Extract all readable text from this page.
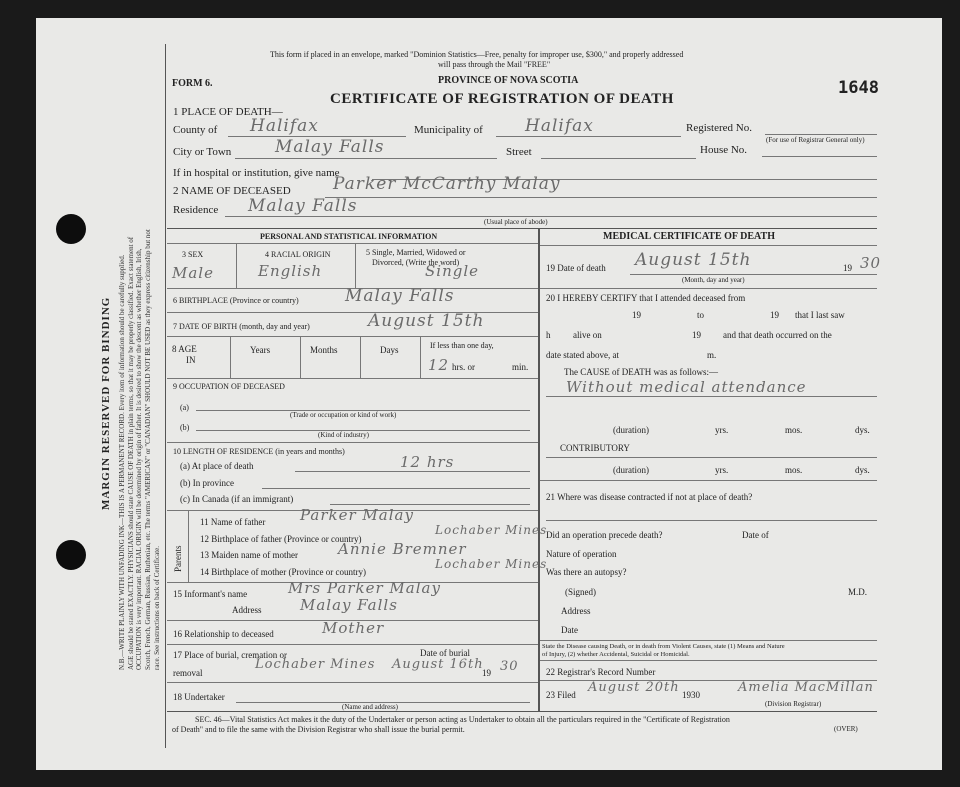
MARGIN RESERVED FOR BINDING N.B.—WRITE PLAINLY WITH UNFADING INK—THIS IS A PERMANENT RECORD. Every item of information should be carefully supplied. AGE should be stated EXACTLY. PHYSICIANS should state CAUSE OF DEATH in plain terms, so that it may be properly classified. Exact statement of OCCUPATION is very important. RACIAL ORIGIN will be determined by origin of father. It is desired to show the descent as whether English, Irish, Scotch, French, German, Russian, Ruthenian, etc. The terms "AMERICAN" or "CANADIAN" SHOULD NOT BE USED as they express citizenship but not race. See instructions on back of Certificate.
This form if placed in an envelope, marked "Dominion Statistics—Free, penalty for improper use, $300," and properly addressed
will pass through the Mail "FREE"
FORM 6.	PROVINCE OF NOVA SCOTIA
CERTIFICATE OF REGISTRATION OF DEATH
1648
1 PLACE OF DEATH—
County of Halifax	Municipality of Halifax	Registered No.
(For use of Registrar General only)
City or Town	Malay Falls	Street	House No.
If in hospital or institution, give name
2 NAME OF DECEASED Parker McCarthy Malay
Residence Malay Falls
(Usual place of abode)
PERSONAL AND STATISTICAL INFORMATION
3 SEX	4 RACIAL ORIGIN	5 Single, Married, Widowed or
Divorced, (Write the word)
Male	English	Single
6 BIRTHPLACE (Province or country)	Malay Falls
7 DATE OF BIRTH (month, day and year)	August 15th
8 AGE
IN
Years	Months	Days	If less than one day,
12 hrs. or	min.
9 OCCUPATION OF DECEASED
(a)
(Trade or occupation or kind of work)
(b)
(Kind of industry)
10 LENGTH OF RESIDENCE (in years and months)
(a) At place of death	12 hrs
(b) In province
(c) In Canada (if an immigrant)
Parents
11 Name of father Parker Malay
12 Birthplace of father (Province or country)
Lochaber Mines
13 Maiden name of mother	Annie Bremner
14 Birthplace of mother (Province or country)
Lochaber Mines
15 Informant's name	Mrs Parker Malay
Address	Malay Falls
16 Relationship to deceased	Mother
17 Place of burial, cremation or	Date of burial
removal
Lochaber Mines August 16th
19 30
18 Undertaker
(Name and address)
MEDICAL CERTIFICATE OF DEATH
19 Date of death August 15th	19 30
(Month, day and year)
20 I HEREBY CERTIFY that I attended deceased from
19	to	19 that I last saw
h	alive on	19 and that death occurred on the
date stated above, at	m.
The CAUSE of DEATH was as follows:—
Without medical attendance
(duration)	yrs.	mos.	dys.
CONTRIBUTORY
(duration)	yrs.	mos.	dys.
21 Where was disease contracted if not at place of death?
Did an operation precede death?	Date of
Nature of operation
Was there an autopsy?
(Signed)	M.D.
Address
Date
State the Disease causing Death, or in death from Violent Causes, state (1) Means and Nature
of Injury, (2) whether Accidental, Suicidal or Homicidal.
22 Registrar's Record Number
23 Filed August 20th 1930	Amelia MacMillan
(Division Registrar)
SEC. 46—Vital Statistics Act makes it the duty of the Undertaker or person acting as Undertaker to obtain all the particulars required in the "Certificate of Registration
of Death" and to file the same with the Division Registrar who shall issue the burial permit.	(OVER)
